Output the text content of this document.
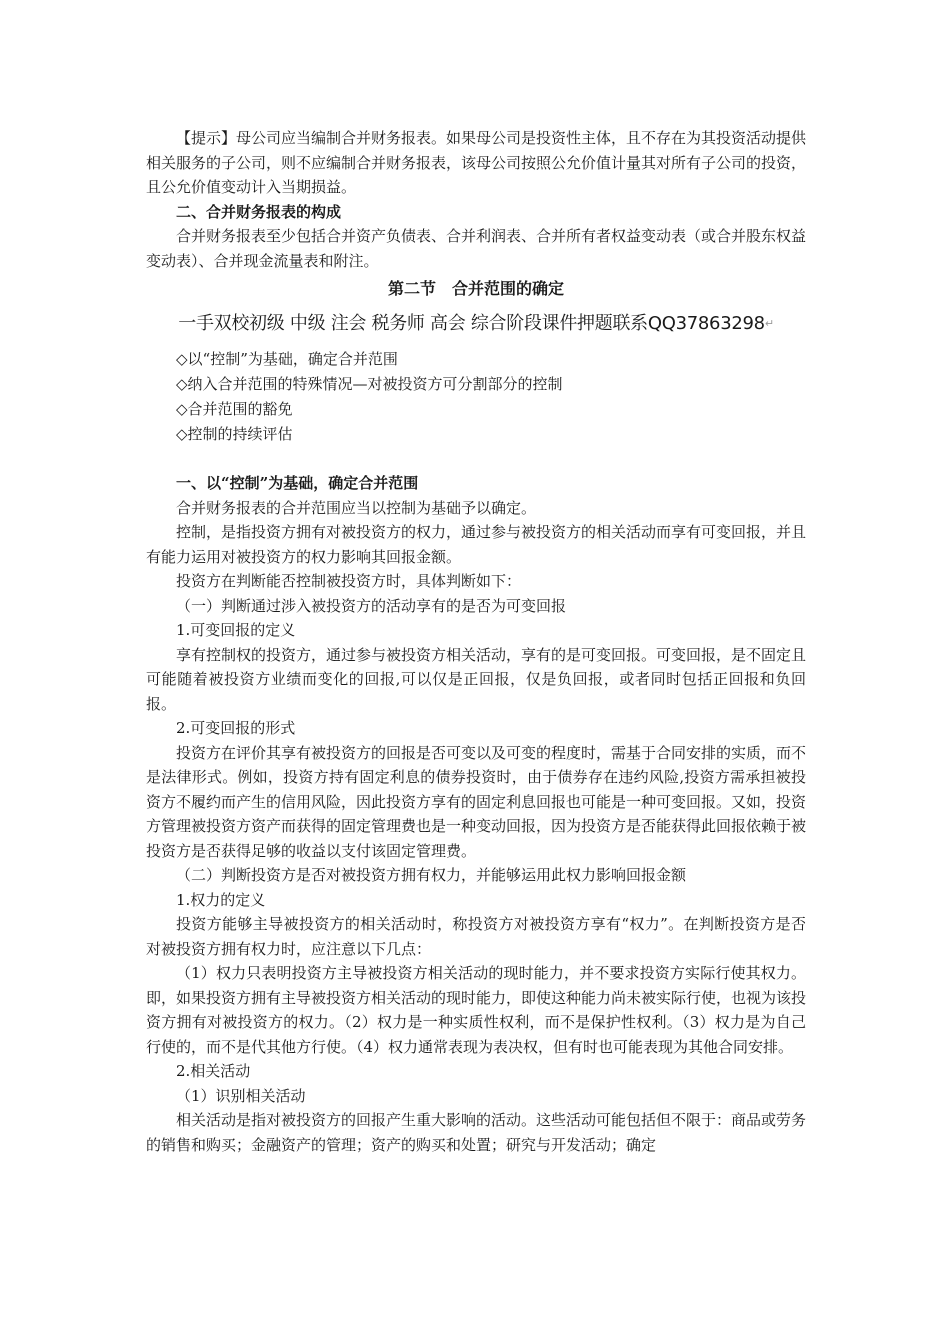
【提示】母公司应当编制合并财务报表。如果母公司是投资性主体，且不存在为其投资活动提供相关服务的子公司，则不应编制合并财务报表，该母公司按照公允价值计量其对所有子公司的投资，且公允价值变动计入当期损益。

二、合并财务报表的构成

合并财务报表至少包括合并资产负债表、合并利润表、合并所有者权益变动表（或合并股东权益变动表）、合并现金流量表和附注。

第二节　合并范围的确定
一手双校初级 中级 注会 税务师 高会 综合阶段课件押题联系QQ37863298↵

◇以“控制”为基础，确定合并范围

◇纳入合并范围的特殊情况—对被投资方可分割部分的控制

◇合并范围的豁免

◇控制的持续评估

一、以“控制”为基础，确定合并范围

合并财务报表的合并范围应当以控制为基础予以确定。

控制，是指投资方拥有对被投资方的权力，通过参与被投资方的相关活动而享有可变回报，并且有能力运用对被投资方的权力影响其回报金额。

投资方在判断能否控制被投资方时，具体判断如下：

（一）判断通过涉入被投资方的活动享有的是否为可变回报

1.可变回报的定义

享有控制权的投资方，通过参与被投资方相关活动，享有的是可变回报。可变回报，是不固定且可能随着被投资方业绩而变化的回报,可以仅是正回报，仅是负回报，或者同时包括正回报和负回报。

2.可变回报的形式

投资方在评价其享有被投资方的回报是否可变以及可变的程度时，需基于合同安排的实质，而不是法律形式。例如，投资方持有固定利息的债券投资时，由于债券存在违约风险,投资方需承担被投资方不履约而产生的信用风险，因此投资方享有的固定利息回报也可能是一种可变回报。又如，投资方管理被投资方资产而获得的固定管理费也是一种变动回报，因为投资方是否能获得此回报依赖于被投资方是否获得足够的收益以支付该固定管理费。

（二）判断投资方是否对被投资方拥有权力，并能够运用此权力影响回报金额

1.权力的定义

投资方能够主导被投资方的相关活动时，称投资方对被投资方享有“权力”。在判断投资方是否对被投资方拥有权力时，应注意以下几点：

（1）权力只表明投资方主导被投资方相关活动的现时能力，并不要求投资方实际行使其权力。即，如果投资方拥有主导被投资方相关活动的现时能力，即使这种能力尚未被实际行使，也视为该投资方拥有对被投资方的权力。（2）权力是一种实质性权利，而不是保护性权利。（3）权力是为自己行使的，而不是代其他方行使。（4）权力通常表现为表决权，但有时也可能表现为其他合同安排。

2.相关活动

（1）识别相关活动

相关活动是指对被投资方的回报产生重大影响的活动。这些活动可能包括但不限于：商品或劳务的销售和购买；金融资产的管理；资产的购买和处置；研究与开发活动；确定
